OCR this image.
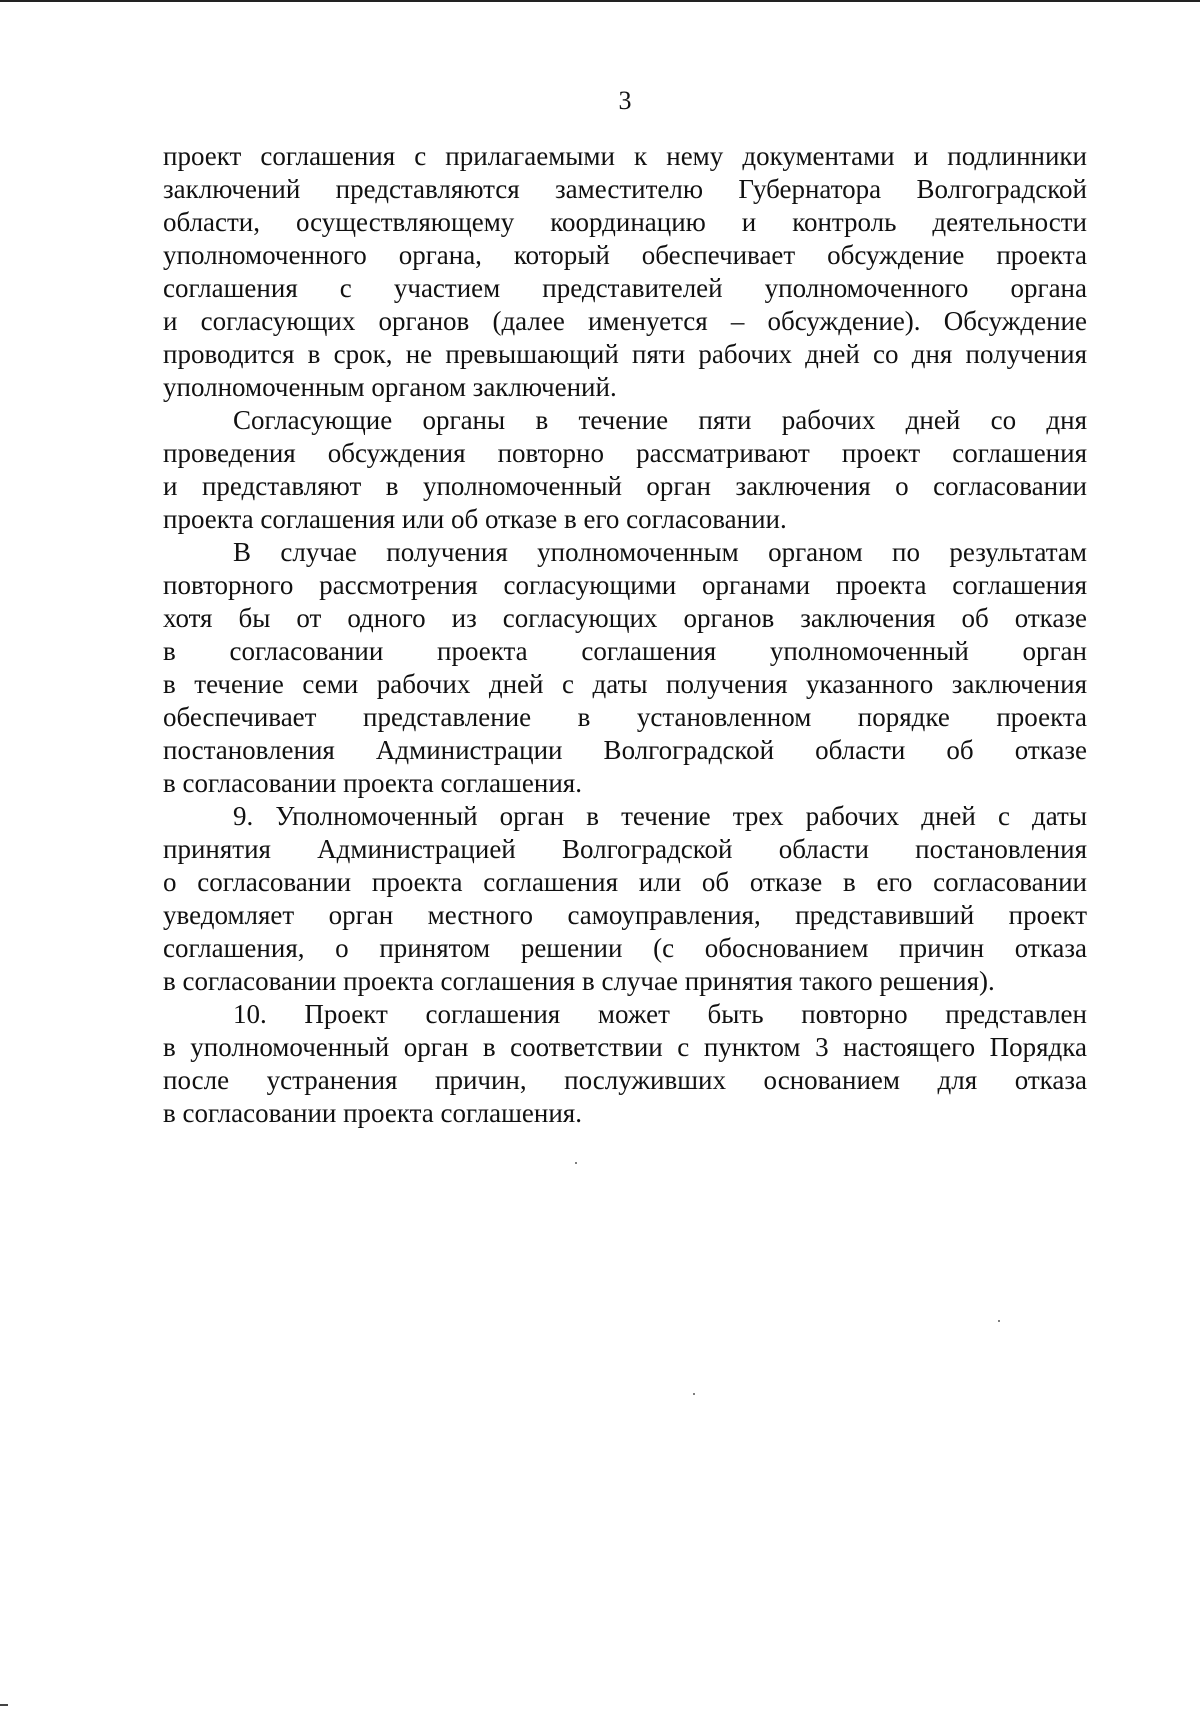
3

проект соглашения с прилагаемыми к нему документами и подлинники
заключений представляются заместителю Губернатора Волгоградской
области, осуществляющему координацию и контроль деятельности
уполномоченного органа, который обеспечивает обсуждение проекта
соглашения с участием представителей уполномоченного органа
и согласующих органов (далее именуется – обсуждение). Обсуждение
проводится в срок, не превышающий пяти рабочих дней со дня получения
уполномоченным органом заключений.

Согласующие органы в течение пяти рабочих дней со дня
проведения обсуждения повторно рассматривают проект соглашения
и представляют в уполномоченный орган заключения о согласовании
проекта соглашения или об отказе в его согласовании.

В случае получения уполномоченным органом по результатам
повторного рассмотрения согласующими органами проекта соглашения
хотя бы от одного из согласующих органов заключения об отказе
в согласовании проекта соглашения уполномоченный орган
в течение семи рабочих дней с даты получения указанного заключения
обеспечивает представление в установленном порядке проекта
постановления Администрации Волгоградской области об отказе
в согласовании проекта соглашения.

9. Уполномоченный орган в течение трех рабочих дней с даты
принятия Администрацией Волгоградской области постановления
о согласовании проекта соглашения или об отказе в его согласовании
уведомляет орган местного самоуправления, представивший проект
соглашения, о принятом решении (с обоснованием причин отказа
в согласовании проекта соглашения в случае принятия такого решения).

10. Проект соглашения может быть повторно представлен
в уполномоченный орган в соответствии с пунктом 3 настоящего Порядка
после устранения причин, послуживших основанием для отказа
в согласовании проекта соглашения.
